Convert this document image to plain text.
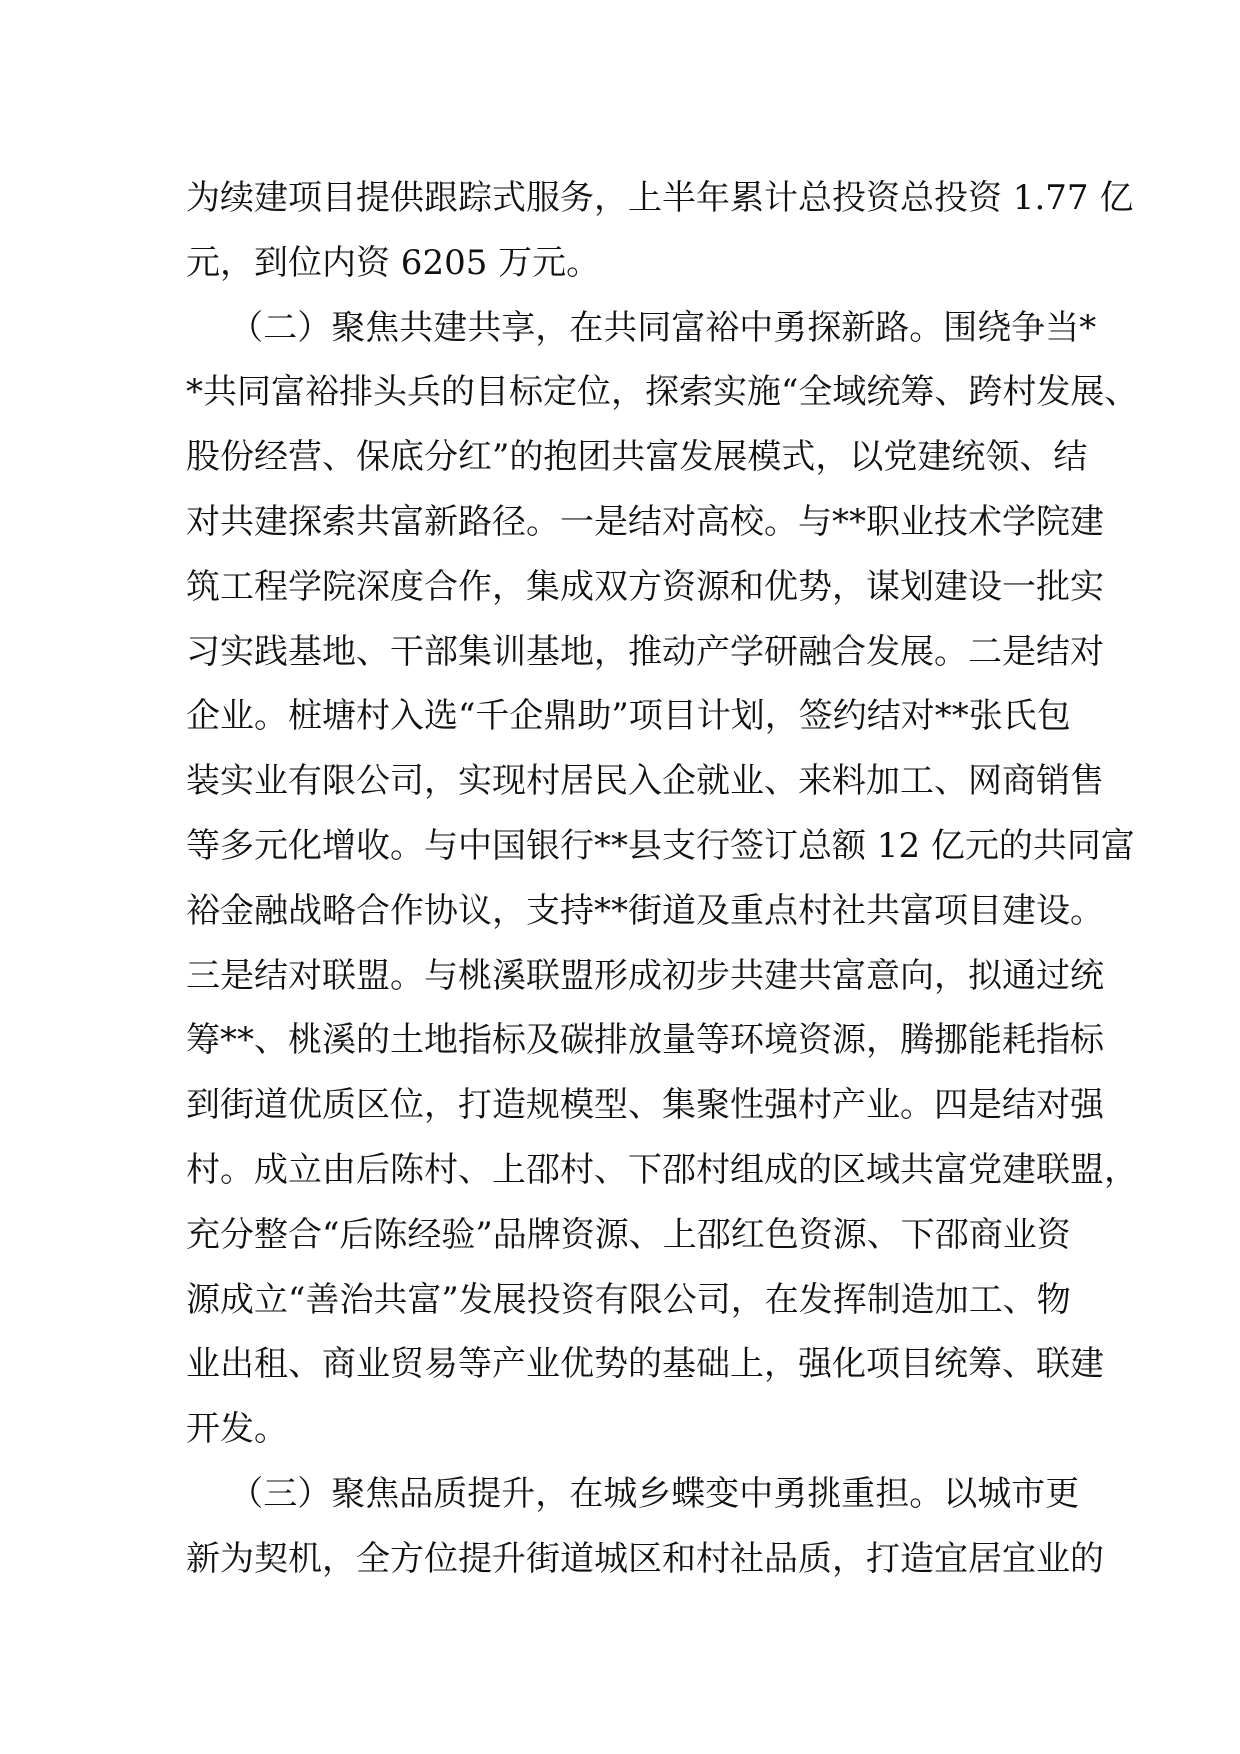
为续建项目提供跟踪式服务，上半年累计总投资总投资 1.77 亿

元，到位内资 6205 万元。

（二）聚焦共建共享，在共同富裕中勇探新路。围绕争当*

*共同富裕排头兵的目标定位，探索实施“全域统筹、跨村发展、

股份经营、保底分红”的抱团共富发展模式，以党建统领、结

对共建探索共富新路径。一是结对高校。与**职业技术学院建

筑工程学院深度合作，集成双方资源和优势，谋划建设一批实

习实践基地、干部集训基地，推动产学研融合发展。二是结对

企业。桩塘村入选“千企鼎助”项目计划，签约结对**张氏包

装实业有限公司，实现村居民入企就业、来料加工、网商销售

等多元化增收。与中国银行**县支行签订总额 12 亿元的共同富

裕金融战略合作协议，支持**街道及重点村社共富项目建设。

三是结对联盟。与桃溪联盟形成初步共建共富意向，拟通过统

筹**、桃溪的土地指标及碳排放量等环境资源，腾挪能耗指标

到街道优质区位，打造规模型、集聚性强村产业。四是结对强

村。成立由后陈村、上邵村、下邵村组成的区域共富党建联盟，

充分整合“后陈经验”品牌资源、上邵红色资源、下邵商业资

源成立“善治共富”发展投资有限公司，在发挥制造加工、物

业出租、商业贸易等产业优势的基础上，强化项目统筹、联建

开发。

（三）聚焦品质提升，在城乡蝶变中勇挑重担。以城市更

新为契机，全方位提升街道城区和村社品质，打造宜居宜业的
